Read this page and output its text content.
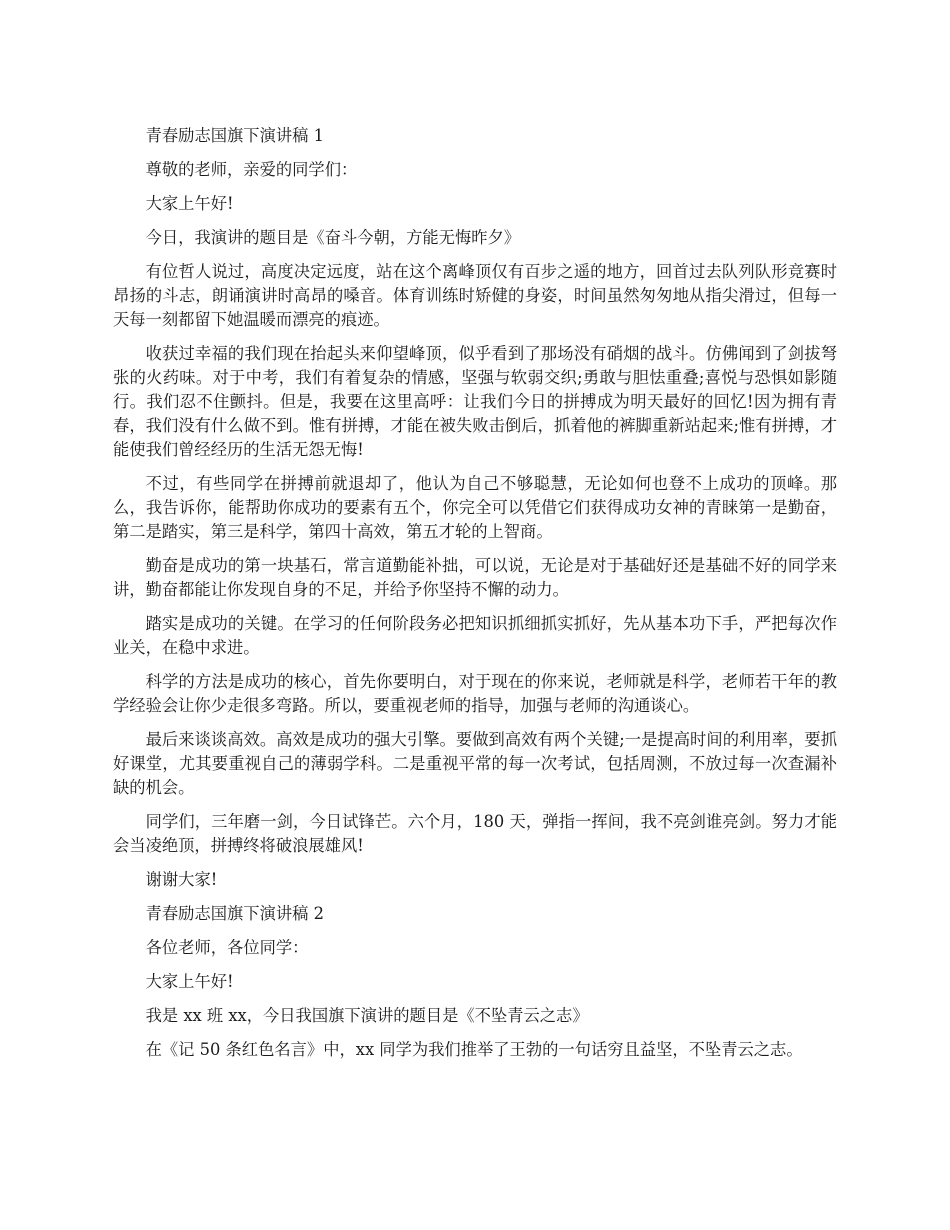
青春励志国旗下演讲稿 1

尊敬的老师，亲爱的同学们：

大家上午好!

今日，我演讲的题目是《奋斗今朝，方能无悔昨夕》

有位哲人说过，高度决定远度，站在这个离峰顶仅有百步之遥的地方，回首过去队列队形竞赛时昂扬的斗志，朗诵演讲时高昂的嗓音。体育训练时矫健的身姿，时间虽然匆匆地从指尖滑过，但每一天每一刻都留下她温暖而漂亮的痕迹。

收获过幸福的我们现在抬起头来仰望峰顶，似乎看到了那场没有硝烟的战斗。仿佛闻到了剑拔弩张的火药味。对于中考，我们有着复杂的情感，坚强与软弱交织;勇敢与胆怯重叠;喜悦与恐惧如影随行。我们忍不住颤抖。但是，我要在这里高呼：让我们今日的拼搏成为明天最好的回忆!因为拥有青春，我们没有什么做不到。惟有拼搏，才能在被失败击倒后，抓着他的裤脚重新站起来;惟有拼搏，才能使我们曾经经历的生活无怨无悔!

不过，有些同学在拼搏前就退却了，他认为自己不够聪慧，无论如何也登不上成功的顶峰。那么，我告诉你，能帮助你成功的要素有五个，你完全可以凭借它们获得成功女神的青睐第一是勤奋，第二是踏实，第三是科学，第四十高效，第五才轮的上智商。

勤奋是成功的第一块基石，常言道勤能补拙，可以说，无论是对于基础好还是基础不好的同学来讲，勤奋都能让你发现自身的不足，并给予你坚持不懈的动力。

踏实是成功的关键。在学习的任何阶段务必把知识抓细抓实抓好，先从基本功下手，严把每次作业关，在稳中求进。

科学的方法是成功的核心，首先你要明白，对于现在的你来说，老师就是科学，老师若干年的教学经验会让你少走很多弯路。所以，要重视老师的指导，加强与老师的沟通谈心。

最后来谈谈高效。高效是成功的强大引擎。要做到高效有两个关键;一是提高时间的利用率，要抓好课堂，尤其要重视自己的薄弱学科。二是重视平常的每一次考试，包括周测，不放过每一次查漏补缺的机会。

同学们，三年磨一剑，今日试锋芒。六个月，180 天，弹指一挥间，我不亮剑谁亮剑。努力才能会当凌绝顶，拼搏终将破浪展雄风!

谢谢大家!

青春励志国旗下演讲稿 2

各位老师，各位同学：

大家上午好!

我是 xx 班 xx，今日我国旗下演讲的题目是《不坠青云之志》

在《记 50 条红色名言》中，xx 同学为我们推举了王勃的一句话穷且益坚，不坠青云之志。
